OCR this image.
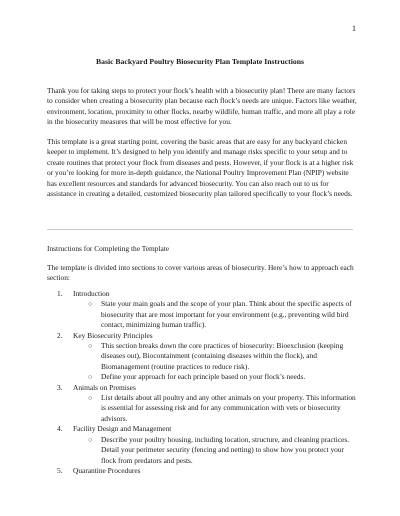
1
Basic Backyard Poultry Biosecurity Plan Template Instructions

Thank you for taking steps to protect your flock’s health with a biosecurity plan! There are many factors to consider when creating a biosecurity plan because each flock’s needs are unique. Factors like weather, environment, location, proximity to other flocks, nearby wildlife, human traffic, and more all play a role in the biosecurity measures that will be most effective for you.

This template is a great starting point, covering the basic areas that are easy for any backyard chicken keeper to implement. It’s designed to help you identify and manage risks specific to your setup and to create routines that protect your flock from diseases and pests. However, if your flock is at a higher risk or you’re looking for more in-depth guidance, the National Poultry Improvement Plan (NPIP) website has excellent resources and standards for advanced biosecurity. You can also reach out to us for assistance in creating a detailed, customized biosecurity plan tailored specifically to your flock’s needs.

Instructions for Completing the Template

The template is divided into sections to cover various areas of biosecurity. Here’s how to approach each section:

1. Introduction
○ State your main goals and the scope of your plan. Think about the specific aspects of biosecurity that are most important for your environment (e.g., preventing wild bird contact, minimizing human traffic).
2. Key Biosecurity Principles
○ This section breaks down the core practices of biosecurity: Bioexclusion (keeping diseases out), Biocontainment (containing diseases within the flock), and Biomanagement (routine practices to reduce risk).
○ Define your approach for each principle based on your flock’s needs.
3. Animals on Premises
○ List details about all poultry and any other animals on your property. This information is essential for assessing risk and for any communication with vets or biosecurity advisors.
4. Facility Design and Management
○ Describe your poultry housing, including location, structure, and cleaning practices. Detail your perimeter security (fencing and netting) to show how you protect your flock from predators and pests.
5. Quarantine Procedures
